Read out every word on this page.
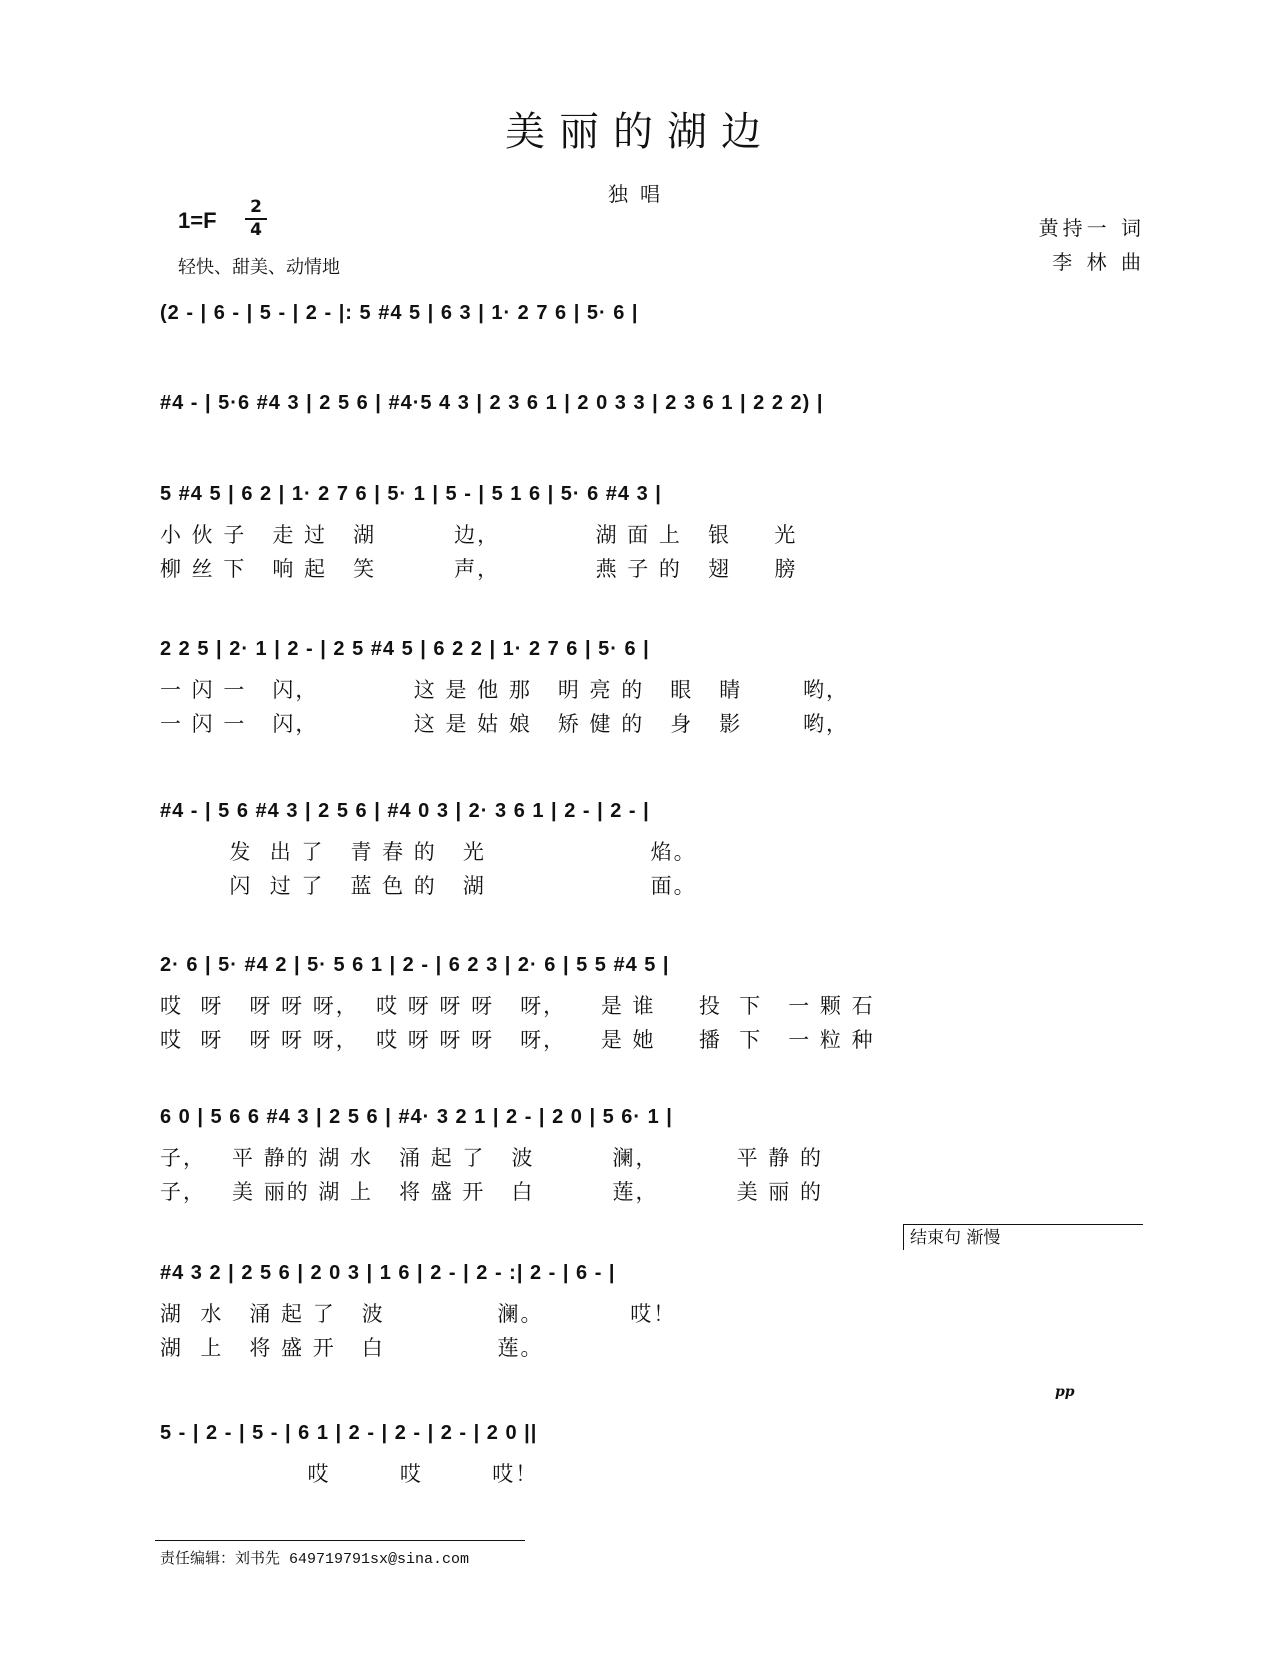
美丽的湖边
独唱
1=F
2
4
轻快、甜美、动情地
黄持一 词
李 林 曲
(2 - | 6 - | 5 - | 2 - |: 5 #4 5 | 6 3 | 1· 2 7 6 | 5· 6 |
#4 - | 5·6 #4 3 | 2 5 6 | #4·5 4 3 | 2 3 6 1 | 2 0 3 3 | 2 3 6 1 | 2 2 2) |
5 #4 5 | 6 2 | 1· 2 7 6 | 5· 1 | 5 - | 5 1 6 | 5· 6 #4 3 |
小 伙 子   走 过   湖         边，           湖 面 上   银     光
柳 丝 下   响 起   笑         声，           燕 子 的   翅     膀
2 2 5 | 2· 1 | 2 - | 2 5 #4 5 | 6 2 2 | 1· 2 7 6 | 5· 6 |
一 闪 一   闪，           这 是 他 那   明 亮 的   眼   睛       哟，
一 闪 一   闪，           这 是 姑 娘   矫 健 的   身   影       哟，
#4 - | 5 6 #4 3 | 2 5 6 | #4 0 3 | 2· 3 6 1 | 2 - | 2 - |
发  出 了   青 春 的   光                   焰。
闪  过 了   蓝 色 的   湖                   面。
2· 6 | 5· #4 2 | 5· 5 6 1 | 2 - | 6 2 3 | 2· 6 | 5 5 #4 5 |
哎  呀   呀 呀 呀，  哎 呀 呀 呀   呀，    是 谁     投  下   一 颗 石
哎  呀   呀 呀 呀，  哎 呀 呀 呀   呀，    是 她     播  下   一 粒 种
6 0 | 5 6 6 #4 3 | 2 5 6 | #4· 3 2 1 | 2 - | 2 0 | 5 6· 1 |
子，   平 静的 湖 水   涌 起 了   波         澜，         平 静 的
子，   美 丽的 湖 上   将 盛 开   白         莲，         美 丽 的
结束句 渐慢
#4 3 2 | 2 5 6 | 2 0 3 | 1 6 | 2 - | 2 - :| 2 - | 6 - |
湖  水   涌 起 了   波             澜。          哎！
湖  上   将 盛 开   白             莲。
pp
5 - | 2 - | 5 - | 6 1 | 2 - | 2 - | 2 - | 2 0 ||
哎        哎        哎！
责任编辑：刘书先 649719791sx@sina.com
